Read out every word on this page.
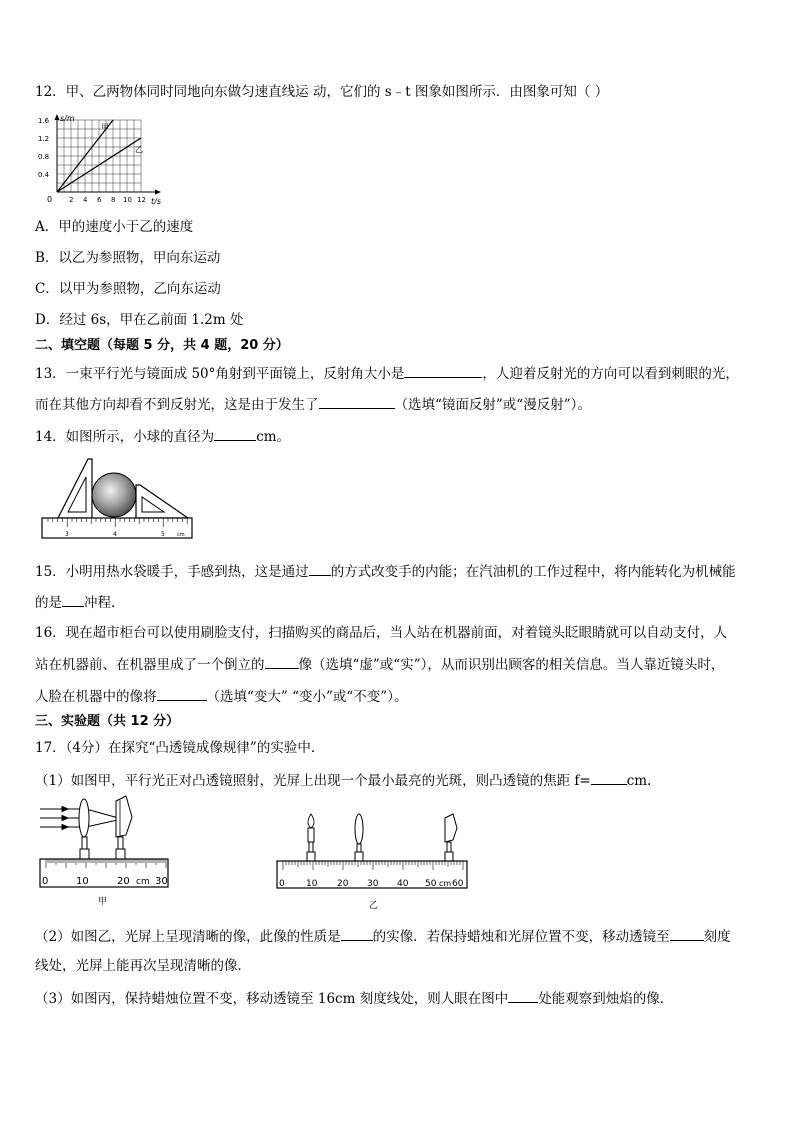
12．甲、乙两物体同时同地向东做匀速直线运 动，它们的 s﹣t 图象如图所示．由图象可知（ ）
s/m
t/s
0
甲
乙
1.6
1.2
0.8
0.4
2 4 6 8 10 12
A．甲的速度小于乙的速度
B．以乙为参照物，甲向东运动
C．以甲为参照物，乙向东运动
D．经过 6s，甲在乙前面 1.2m 处
二、填空题（每题 5 分，共 4 题，20 分）
13．一束平行光与镜面成 50°角射到平面镜上，反射角大小是	，人迎着反射光的方向可以看到刺眼的光，
而在其他方向却看不到反射光，这是由于发生了	（选填“镜面反射”或“漫反射”）。
14．如图所示，小球的直径为	cm。
3	4	5 cm
15．小明用热水袋暖手，手感到热，这是通过 的方式改变手的内能；在汽油机的工作过程中，将内能转化为机械能
的是 冲程．
16．现在超市柜台可以使用刷脸支付，扫描购买的商品后，当人站在机器前面，对着镜头眨眼睛就可以自动支付，人
站在机器前、在机器里成了一个倒立的	像（选填“虚”或“实”），从而识别出顾客的相关信息。当人靠近镜头时，
人脸在机器中的像将	（选填“变大” “变小”或“不变”）。
三、实验题（共 12 分）
17．（4分）在探究“凸透镜成像规律”的实验中．
（1）如图甲，平行光正对凸透镜照射，光屏上出现一个最小最亮的光斑，则凸透镜的焦距 f=	cm.
0	10	20 cm 30
甲
0 10 20 30 40 50 cm 60
乙
（2）如图乙，光屏上呈现清晰的像，此像的性质是 的实像．若保持蜡烛和光屏位置不变，移动透镜至	刻度
线处，光屏上能再次呈现清晰的像．
（3）如图丙，保持蜡烛位置不变，移动透镜至 16cm 刻度线处，则人眼在图中 处能观察到烛焰的像．
